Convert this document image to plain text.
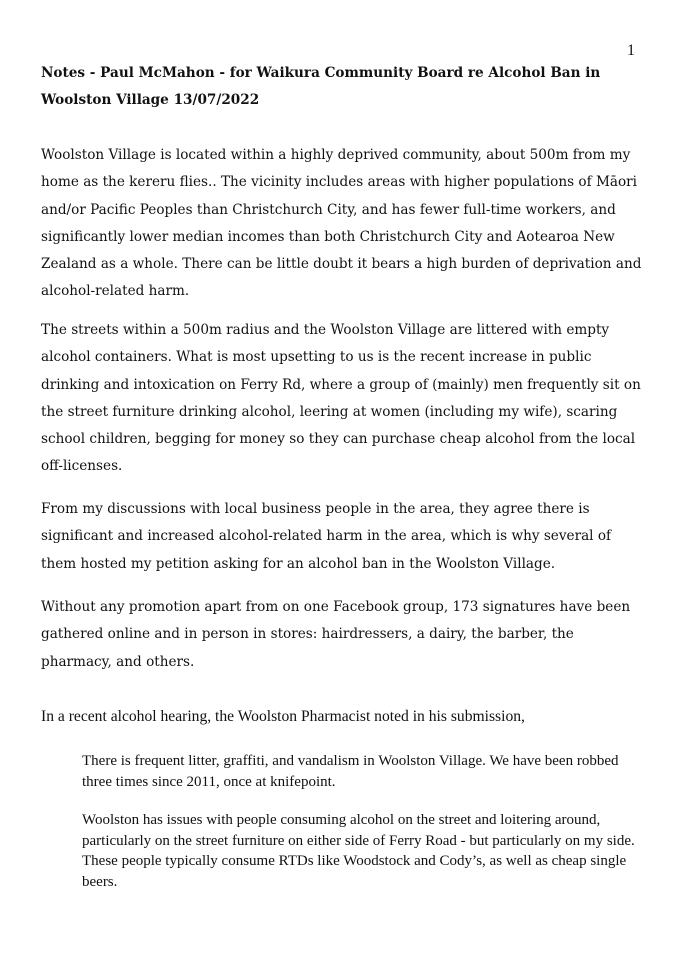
1
Notes - Paul McMahon - for Waikura Community Board re Alcohol Ban in Woolston Village 13/07/2022

Woolston Village is located within a highly deprived community, about 500m from my home as the kereru flies.. The vicinity includes areas with higher populations of Māori and/or Pacific Peoples than Christchurch City, and has fewer full-time workers, and significantly lower median incomes than both Christchurch City and Aotearoa New Zealand as a whole. There can be little doubt it bears a high burden of deprivation and alcohol-related harm.

The streets within a 500m radius and the Woolston Village are littered with empty alcohol containers. What is most upsetting to us is the recent increase in public drinking and intoxication on Ferry Rd, where a group of (mainly) men frequently sit on the street furniture drinking alcohol, leering at women (including my wife), scaring school children, begging for money so they can purchase cheap alcohol from the local off-licenses.

From my discussions with local business people in the area, they agree there is significant and increased alcohol-related harm in the area, which is why several of them hosted my petition asking for an alcohol ban in the Woolston Village.

Without any promotion apart from on one Facebook group, 173 signatures have been gathered online and in person in stores: hairdressers, a dairy, the barber, the pharmacy, and others.

In a recent alcohol hearing, the Woolston Pharmacist noted in his submission,

There is frequent litter, graffiti, and vandalism in Woolston Village. We have been robbed three times since 2011, once at knifepoint.
Woolston has issues with people consuming alcohol on the street and loitering around, particularly on the street furniture on either side of Ferry Road - but particularly on my side. These people typically consume RTDs like Woodstock and Cody’s, as well as cheap single beers.
